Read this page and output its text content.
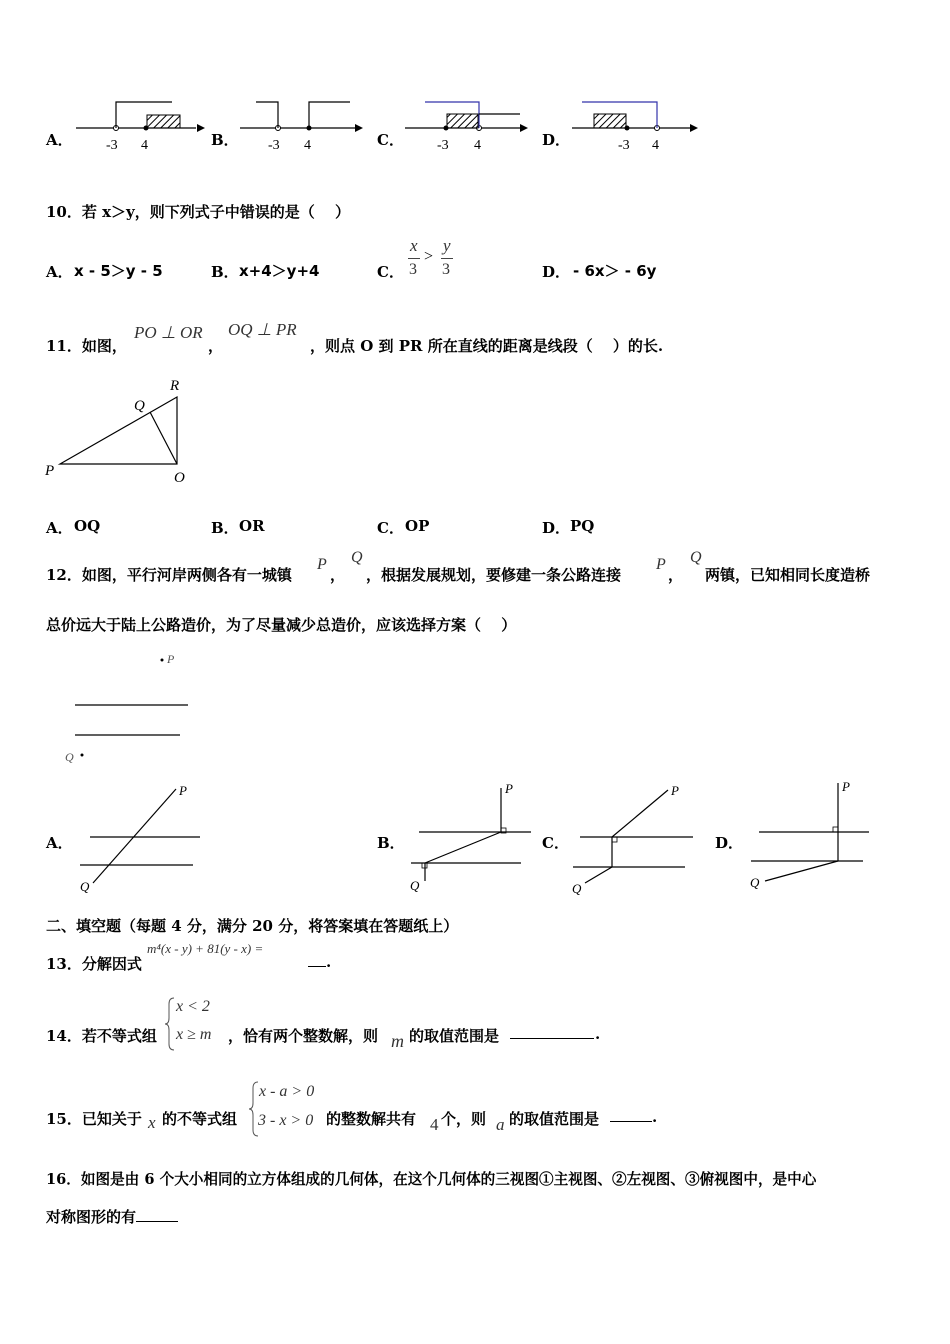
A．	B．	C．	D．
-3 4	-3 4	-3 4	-3 4
10．若 x＞y，则下列式子中错误的是（　 ）
A． x - 5＞y - 5	B． x+4＞y+4	C．
x
3
>
y
3	D． - 6x＞ - 6y
11．如图，
PO ⊥ OR
，
OQ ⊥ PR
，则点 O 到 PR 所在直线的距离是线段（　 ）的长.
P
Q
R
O
A． OQ	B． OR	C． OP	D． PQ
12．如图，平行河岸两侧各有一城镇
P
，
Q
，根据发展规划，要修建一条公路连接
P
，
Q
两镇，已知相同长度造桥
总价远大于陆上公路造价，为了尽量减少总造价，应该选择方案（　 ）
P
Q
A．	B．	C．	D．
P
Q
P
Q
P
Q
P
Q
二、填空题（每题 4 分，满分 20 分，将答案填在答题纸上）
13．分解因式
m⁴(x - y) + 81(y - x) =
.
14．若不等式组
x < 2
x ≥ m ，恰有两个整数解，则 m 的取值范围是	.
15．已知关于 x 的不等式组
x - a > 0
3 - x > 0 的整数解共有 4 个，则 a 的取值范围是	.
16．如图是由 6 个大小相同的立方体组成的几何体，在这个几何体的三视图①主视图、②左视图、③俯视图中，是中心
对称图形的有
